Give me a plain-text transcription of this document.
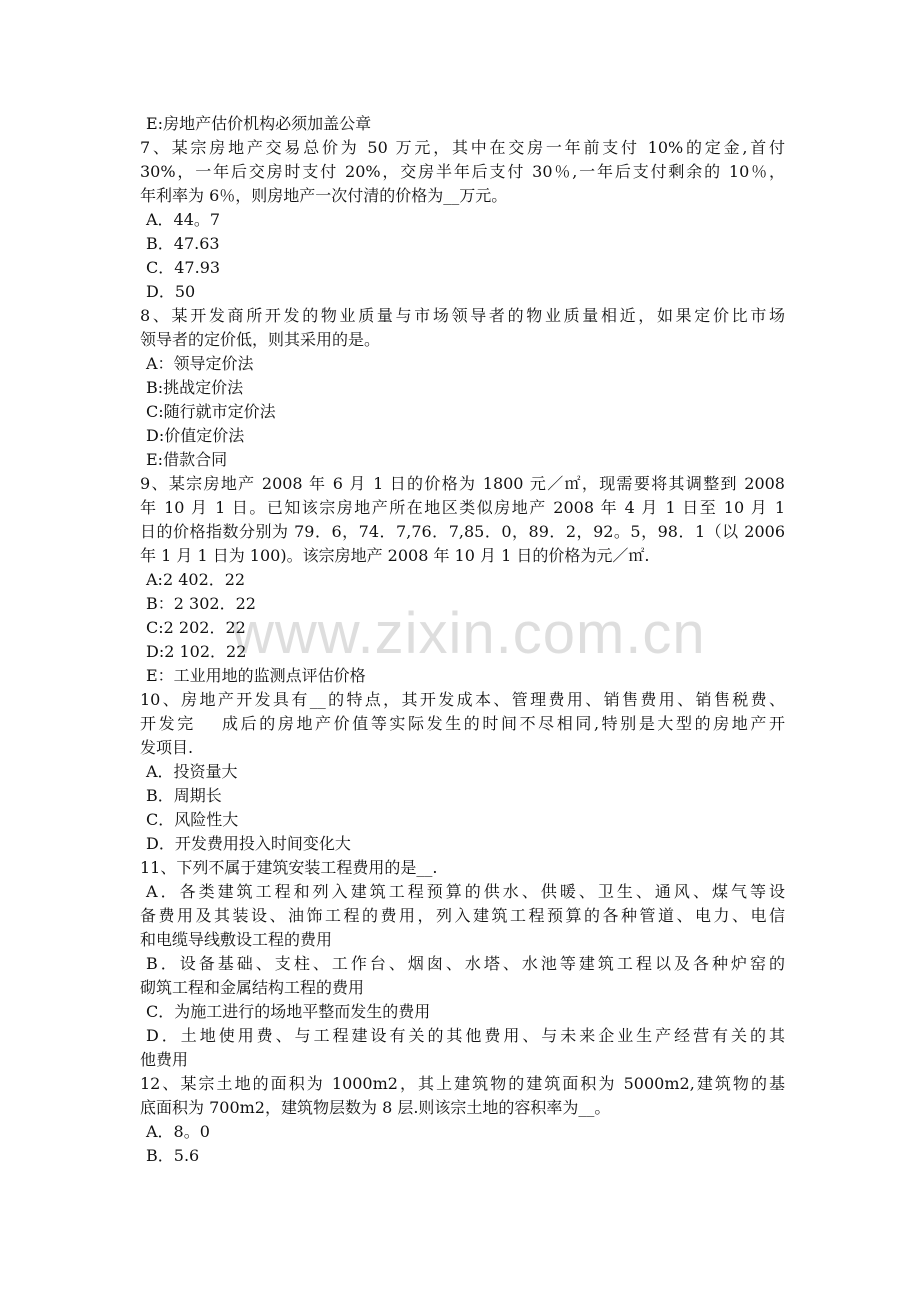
www.zixin.com.cn
E:房地产估价机构必须加盖公章
7、某宗房地产交易总价为 50 万元，其中在交房一年前支付 10%的定金,首付
30%，一年后交房时支付 20%，交房半年后支付 30％,一年后支付剩余的 10％，
年利率为 6％，则房地产一次付清的价格为__万元。
A．44。7
B．47.63
C．47.93
D．50
8、某开发商所开发的物业质量与市场领导者的物业质量相近，如果定价比市场
领导者的定价低，则其采用的是。
A：领导定价法
B:挑战定价法
C:随行就市定价法
D:价值定价法
E:借款合同
9、某宗房地产 2008 年 6 月 1 日的价格为 1800 元／㎡，现需要将其调整到 2008
年 10 月 1 日。已知该宗房地产所在地区类似房地产 2008 年 4 月 1 日至 10 月 1
日的价格指数分别为 79．6，74．7,76．7,85．0，89．2，92。5，98．1（以 2006
年 1 月 1 日为 100)。该宗房地产 2008 年 10 月 1 日的价格为元／㎡.
A:2 402．22
B：2 302．22
C:2 202．22
D:2 102．22
E：工业用地的监测点评估价格
10、房地产开发具有__的特点，其开发成本、管理费用、销售费用、销售税费、
开发完　 成后的房地产价值等实际发生的时间不尽相同,特别是大型的房地产开
发项目.
A．投资量大
B．周期长
C．风险性大
D．开发费用投入时间变化大
11、下列不属于建筑安装工程费用的是__.
A．各类建筑工程和列入建筑工程预算的供水、供暖、卫生、通风、煤气等设
备费用及其装设、油饰工程的费用，列入建筑工程预算的各种管道、电力、电信
和电缆导线敷设工程的费用
B．设备基础、支柱、工作台、烟囱、水塔、水池等建筑工程以及各种炉窑的
砌筑工程和金属结构工程的费用
C．为施工进行的场地平整而发生的费用
D．土地使用费、与工程建设有关的其他费用、与未来企业生产经营有关的其
他费用
12、某宗土地的面积为 1000m2，其上建筑物的建筑面积为 5000m2,建筑物的基
底面积为 700m2，建筑物层数为 8 层.则该宗土地的容积率为__。
A．8。0
B．5.6
